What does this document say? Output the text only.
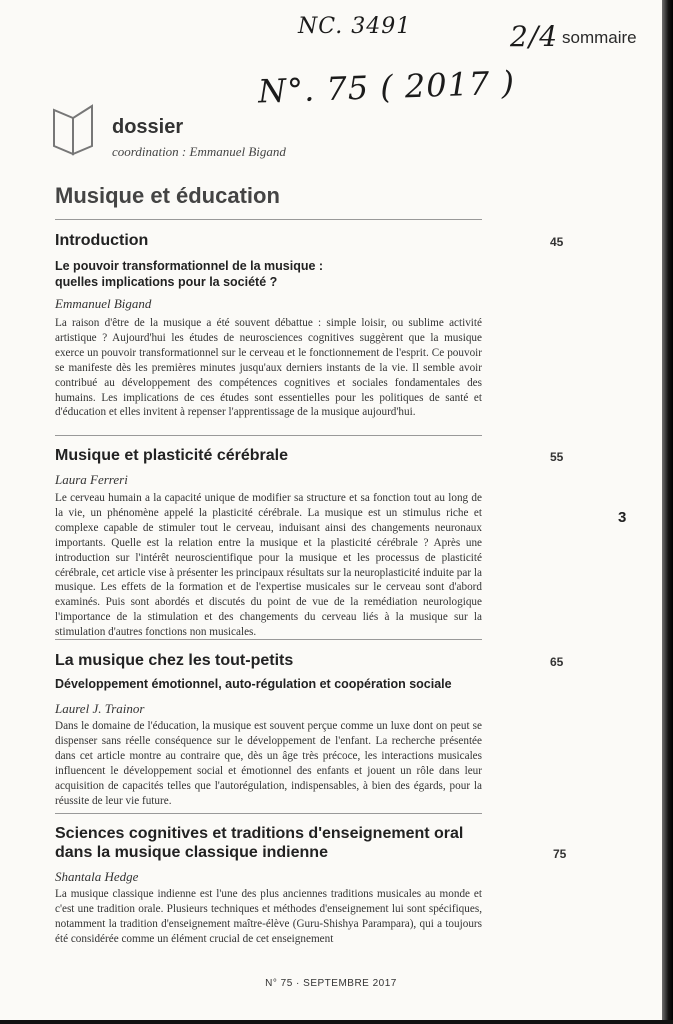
NC. 3491
N°. 75 ( 2017 )
2/4 sommaire
dossier
coordination : Emmanuel Bigand
Musique et éducation
Introduction	45
Le pouvoir transformationnel de la musique : quelles implications pour la société ?
Emmanuel Bigand

La raison d'être de la musique a été souvent débattue : simple loisir, ou sublime activité artistique ? Aujourd'hui les études de neurosciences cognitives suggèrent que la musique exerce un pouvoir transformationnel sur le cerveau et le fonctionnement de l'esprit. Ce pouvoir se manifeste dès les premières minutes jusqu'aux derniers instants de la vie. Il semble avoir contribué au développement des compétences cognitives et sociales fondamentales des humains. Les implications de ces études sont essentielles pour les politiques de santé et d'éducation et elles invitent à repenser l'apprentissage de la musique aujourd'hui.

Musique et plasticité cérébrale	55
Laura Ferreri

Le cerveau humain a la capacité unique de modifier sa structure et sa fonction tout au long de la vie, un phénomène appelé la plasticité cérébrale. La musique est un stimulus riche et complexe capable de stimuler tout le cerveau, induisant ainsi des changements neuronaux importants. Quelle est la relation entre la musique et la plasticité cérébrale ? Après une introduction sur l'intérêt neuroscientifique pour la musique et les processus de plasticité cérébrale, cet article vise à présenter les principaux résultats sur la neuroplasticité induite par la musique. Les effets de la formation et de l'expertise musicales sur le cerveau sont d'abord examinés. Puis sont abordés et discutés du point de vue de la remédiation neurologique l'importance de la stimulation et des changements du cerveau liés à la musique sur la stimulation d'autres fonctions non musicales.

La musique chez les tout-petits	65
Développement émotionnel, auto-régulation et coopération sociale
Laurel J. Trainor

Dans le domaine de l'éducation, la musique est souvent perçue comme un luxe dont on peut se dispenser sans réelle conséquence sur le développement de l'enfant. La recherche présentée dans cet article montre au contraire que, dès un âge très précoce, les interactions musicales influencent le développement social et émotionnel des enfants et jouent un rôle dans leur acquisition de capacités telles que l'autorégulation, indispensables, à bien des égards, pour la réussite de leur vie future.

Sciences cognitives et traditions d'enseignement oral dans la musique classique indienne	75
Shantala Hedge

La musique classique indienne est l'une des plus anciennes traditions musicales au monde et c'est une tradition orale. Plusieurs techniques et méthodes d'enseignement lui sont spécifiques, notamment la tradition d'enseignement maître-élève (Guru-Shishya Parampara), qui a toujours été considérée comme un élément crucial de cet enseignement

3
N° 75 · SEPTEMBRE 2017
